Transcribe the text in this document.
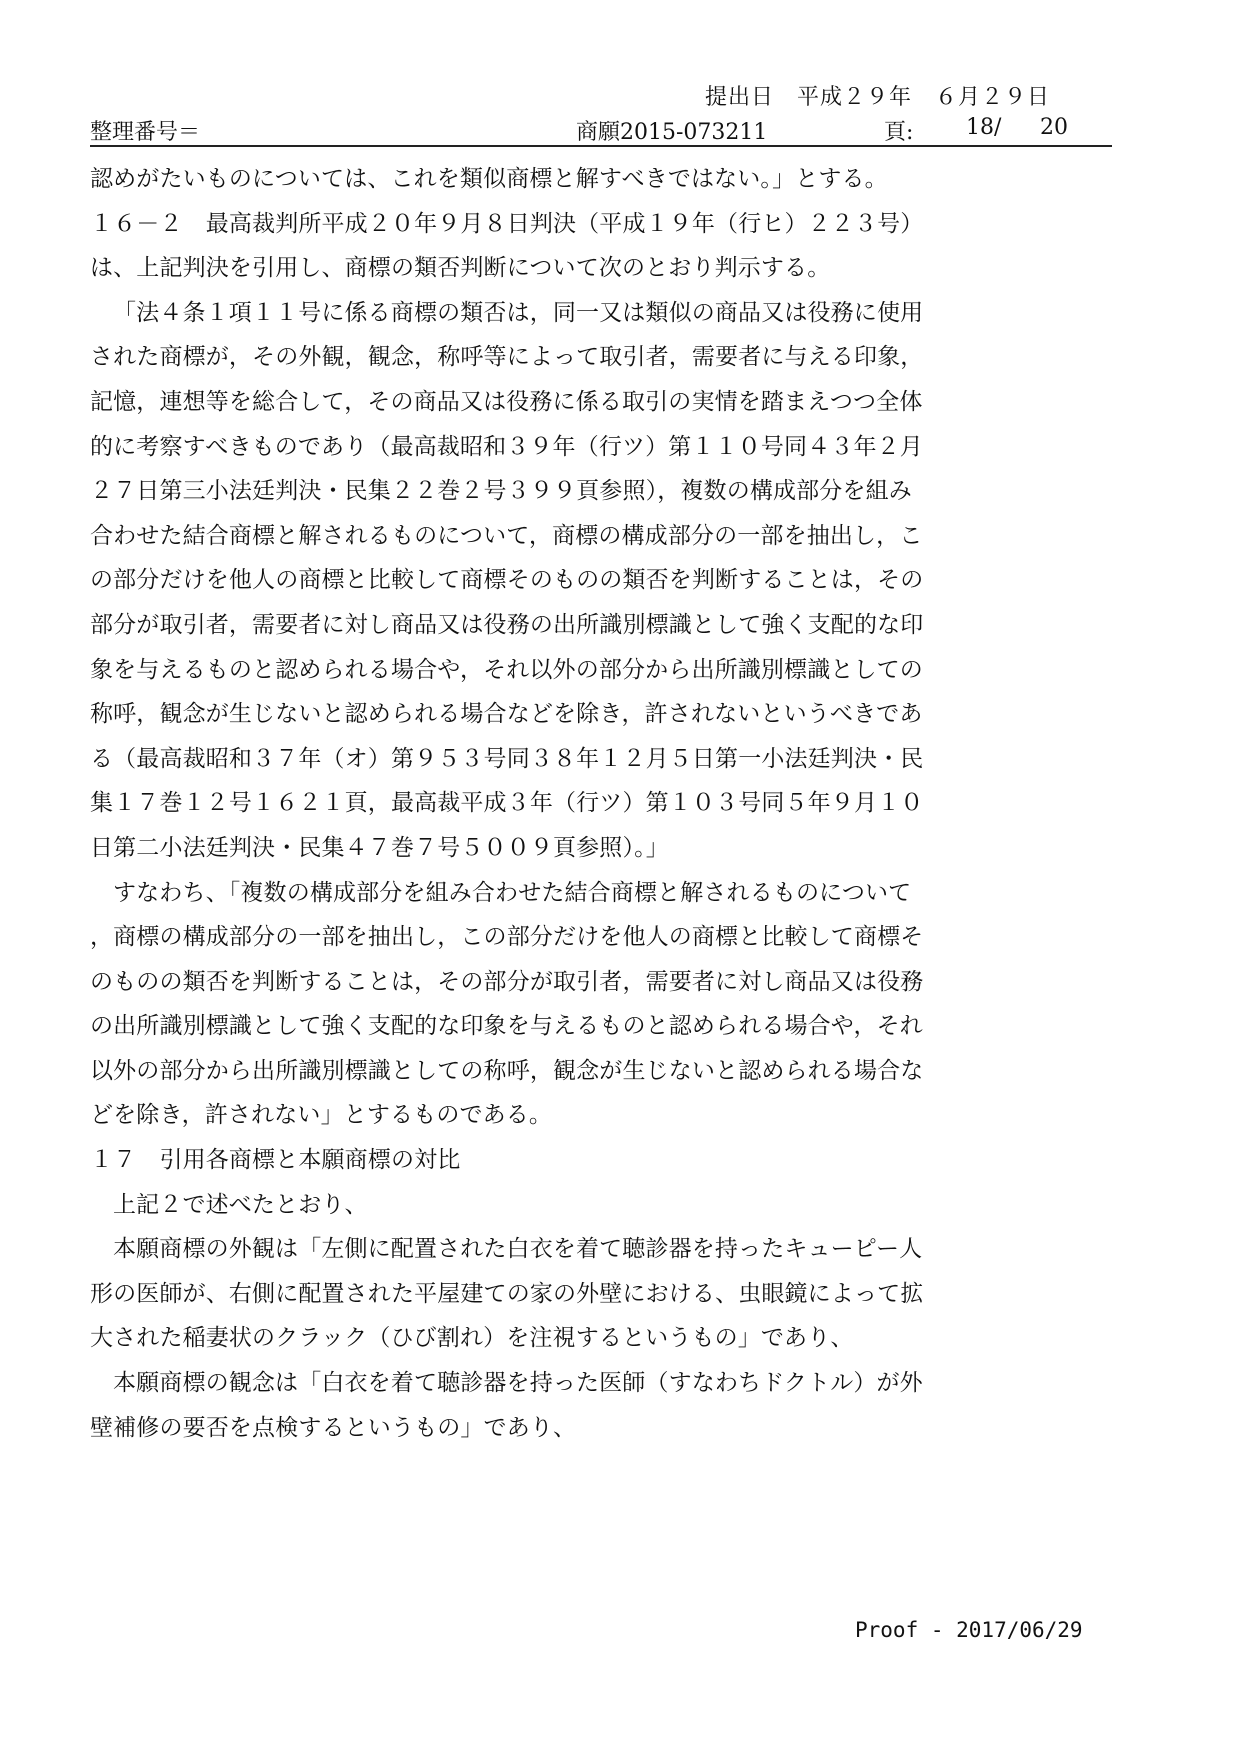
提出日　平成２９年　６月２９日
整理番号＝	商願2015-073211	頁: 18/ 20
認めがたいものについては、これを類似商標と解すべきではない。」とする。
１６－２　最高裁判所平成２０年９月８日判決（平成１９年（行ヒ）２２３号）
は、上記判決を引用し、商標の類否判断について次のとおり判示する。
「法４条１項１１号に係る商標の類否は，同一又は類似の商品又は役務に使用
された商標が，その外観，観念，称呼等によって取引者，需要者に与える印象，
記憶，連想等を総合して，その商品又は役務に係る取引の実情を踏まえつつ全体
的に考察すべきものであり（最高裁昭和３９年（行ツ）第１１０号同４３年２月
２７日第三小法廷判決・民集２２巻２号３９９頁参照），複数の構成部分を組み
合わせた結合商標と解されるものについて，商標の構成部分の一部を抽出し，こ
の部分だけを他人の商標と比較して商標そのものの類否を判断することは，その
部分が取引者，需要者に対し商品又は役務の出所識別標識として強く支配的な印
象を与えるものと認められる場合や，それ以外の部分から出所識別標識としての
称呼，観念が生じないと認められる場合などを除き，許されないというべきであ
る（最高裁昭和３７年（オ）第９５３号同３８年１２月５日第一小法廷判決・民
集１７巻１２号１６２１頁，最高裁平成３年（行ツ）第１０３号同５年９月１０
日第二小法廷判決・民集４７巻７号５００９頁参照）。」
すなわち、「複数の構成部分を組み合わせた結合商標と解されるものについて
，商標の構成部分の一部を抽出し，この部分だけを他人の商標と比較して商標そ
のものの類否を判断することは，その部分が取引者，需要者に対し商品又は役務
の出所識別標識として強く支配的な印象を与えるものと認められる場合や，それ
以外の部分から出所識別標識としての称呼，観念が生じないと認められる場合な
どを除き，許されない」とするものである。
１７　引用各商標と本願商標の対比
上記２で述べたとおり、
本願商標の外観は「左側に配置された白衣を着て聴診器を持ったキューピー人
形の医師が、右側に配置された平屋建ての家の外壁における、虫眼鏡によって拡
大された稲妻状のクラック（ひび割れ）を注視するというもの」であり、
本願商標の観念は「白衣を着て聴診器を持った医師（すなわちドクトル）が外
壁補修の要否を点検するというもの」であり、
Proof - 2017/06/29
